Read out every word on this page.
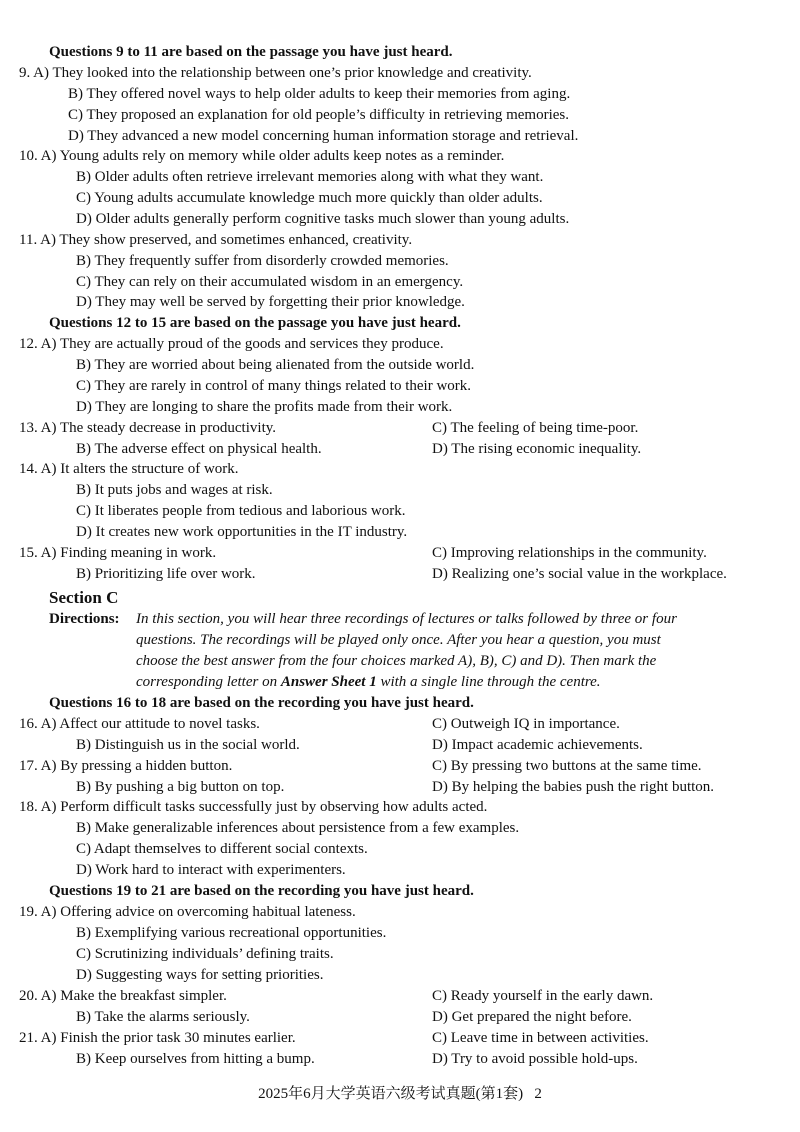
Questions 9 to 11 are based on the passage you have just heard.
9. A) They looked into the relationship between one’s prior knowledge and creativity.
B) They offered novel ways to help older adults to keep their memories from aging.
C) They proposed an explanation for old people’s difficulty in retrieving memories.
D) They advanced a new model concerning human information storage and retrieval.
10. A) Young adults rely on memory while older adults keep notes as a reminder.
B) Older adults often retrieve irrelevant memories along with what they want.
C) Young adults accumulate knowledge much more quickly than older adults.
D) Older adults generally perform cognitive tasks much slower than young adults.
11. A) They show preserved, and sometimes enhanced, creativity.
B) They frequently suffer from disorderly crowded memories.
C) They can rely on their accumulated wisdom in an emergency.
D) They may well be served by forgetting their prior knowledge.
Questions 12 to 15 are based on the passage you have just heard.
12. A) They are actually proud of the goods and services they produce.
B) They are worried about being alienated from the outside world.
C) They are rarely in control of many things related to their work.
D) They are longing to share the profits made from their work.
13. A) The steady decrease in productivity.	C) The feeling of being time-poor.
B) The adverse effect on physical health.	D) The rising economic inequality.
14. A) It alters the structure of work.
B) It puts jobs and wages at risk.
C) It liberates people from tedious and laborious work.
D) It creates new work opportunities in the IT industry.
15. A) Finding meaning in work.	C) Improving relationships in the community.
B) Prioritizing life over work.	D) Realizing one’s social value in the workplace.
Section C
Directions: In this section, you will hear three recordings of lectures or talks followed by three or four
questions. The recordings will be played only once. After you hear a question, you must
choose the best answer from the four choices marked A), B), C) and D). Then mark the
corresponding letter on Answer Sheet 1 with a single line through the centre.
Questions 16 to 18 are based on the recording you have just heard.
16. A) Affect our attitude to novel tasks.	C) Outweigh IQ in importance.
B) Distinguish us in the social world.	D) Impact academic achievements.
17. A) By pressing a hidden button.	C) By pressing two buttons at the same time.
B) By pushing a big button on top.	D) By helping the babies push the right button.
18. A) Perform difficult tasks successfully just by observing how adults acted.
B) Make generalizable inferences about persistence from a few examples.
C) Adapt themselves to different social contexts.
D) Work hard to interact with experimenters.
Questions 19 to 21 are based on the recording you have just heard.
19. A) Offering advice on overcoming habitual lateness.
B) Exemplifying various recreational opportunities.
C) Scrutinizing individuals’ defining traits.
D) Suggesting ways for setting priorities.
20. A) Make the breakfast simpler.	C) Ready yourself in the early dawn.
B) Take the alarms seriously.	D) Get prepared the night before.
21. A) Finish the prior task 30 minutes earlier.	C) Leave time in between activities.
B) Keep ourselves from hitting a bump.	D) Try to avoid possible hold-ups.
2025年6月大学英语六级考试真题(第1套)   2
